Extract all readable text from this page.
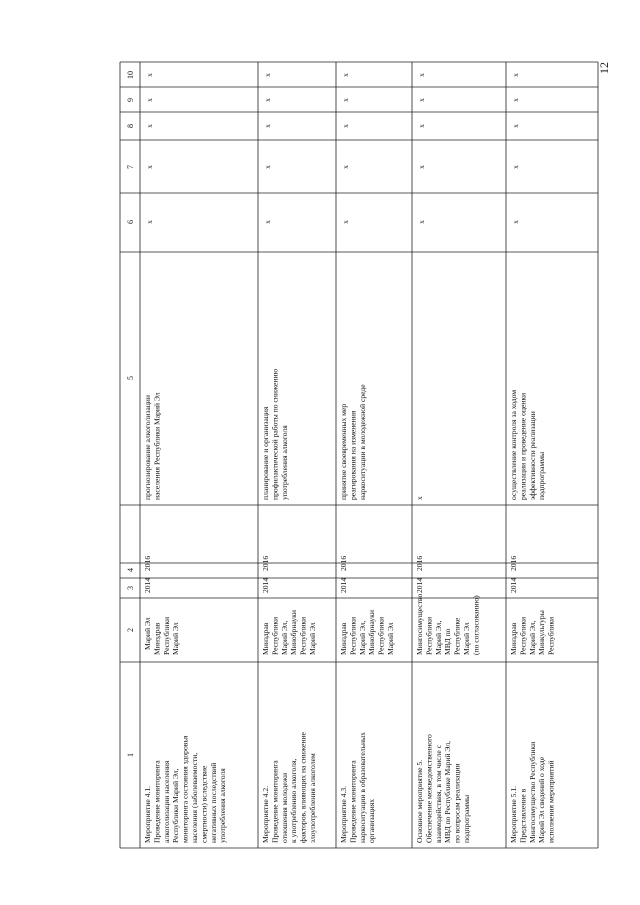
12
1
2
3
4
5
6
7
8
9
10
Марий Эл
Мероприятие 4.1. Проведение мониторинга алкоголизации населения Республики Марий Эл, мониторинга состояния здоровья населения (заболеваемости, смертности) вследствие негативных последствий употребления алкоголя
Минздрав Республики Марий Эл
2014
2016
прогнозирование алкоголизации населения Республики Марий Эл
x
x
x
x
x
Мероприятие 4.2. Проведение мониторинга отношения молодежи к употреблению алкоголя, факторов, влияющих на снижение злоупотребления алкоголем
Минздрав Республики Марий Эл, Минобрнауки Республики Марий Эл
2014
2016
планирование и организация профилактической работы по снижению употребления алкоголя
x
x
x
x
x
Мероприятие 4.3. Проведение мониторинга наркоситуации в образовательных организациях
Минздрав Республики Марий Эл, Минобрнауки Республики Марий Эл
2014
2016
принятие своевременных мер реагирования на изменения наркоситуации в молодежной среде
x
x
x
x
x
Основное мероприятие 5. Обеспечение межведомственного взаимодействия, в том числе с МВД по Республике Марий Эл, по вопросам реализации подпрограммы
Мингосимущество Республики Марий Эл, МВД по Республике Марий Эл (по согласованию)
2014
2016
x
x
x
x
x
x
Мероприятие 5.1. Представление в Мингосимущество Республики Марий Эл сведений о ходе исполнения мероприятий
Минздрав Республики Марий Эл, Минкультуры Республики
2014
2016
осуществление контроля за ходом реализации и проведение оценки эффективности реализации подпрограммы
x
x
x
x
x
